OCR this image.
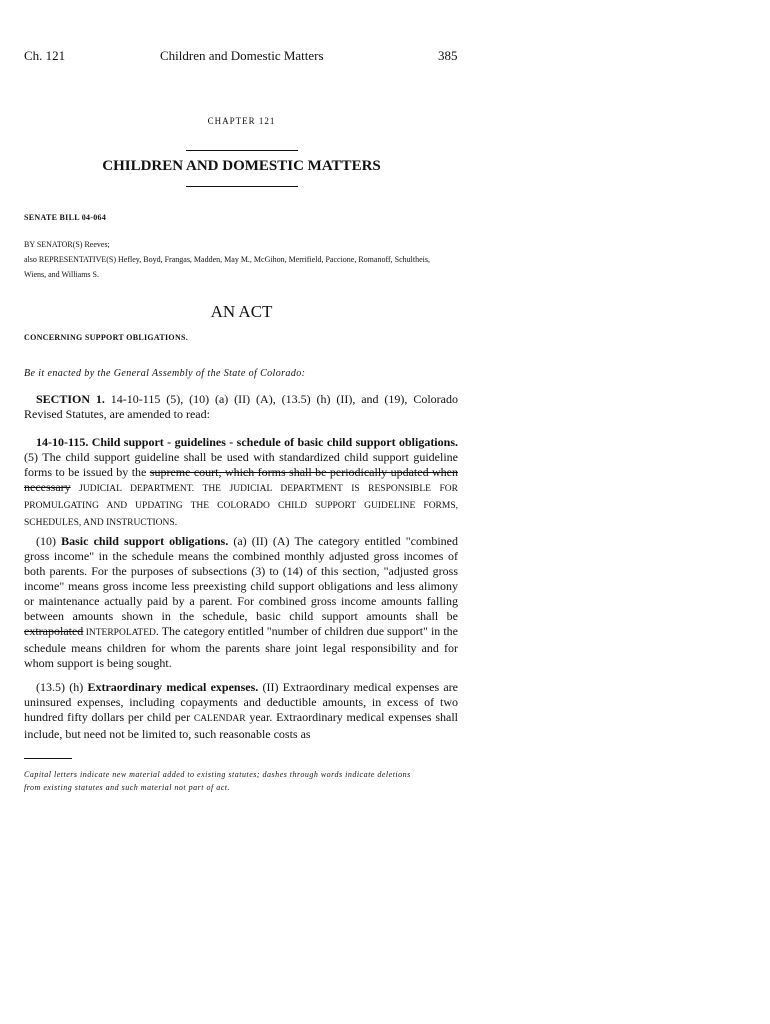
Ch. 121	Children and Domestic Matters	385
CHAPTER 121
CHILDREN AND DOMESTIC MATTERS
SENATE BILL 04-064
BY SENATOR(S) Reeves;
also REPRESENTATIVE(S) Hefley, Boyd, Frangas, Madden, May M., McGihon, Merrifield, Paccione, Romanoff, Schultheis,
Wiens, and Williams S.
AN ACT
CONCERNING SUPPORT OBLIGATIONS.
Be it enacted by the General Assembly of the State of Colorado:

SECTION 1. 14-10-115 (5), (10) (a) (II) (A), (13.5) (h) (II), and (19), Colorado Revised Statutes, are amended to read:

14-10-115. Child support - guidelines - schedule of basic child support obligations. (5) The child support guideline shall be used with standardized child support guideline forms to be issued by the supreme court, which forms shall be periodically updated when necessary JUDICIAL DEPARTMENT. THE JUDICIAL DEPARTMENT IS RESPONSIBLE FOR PROMULGATING AND UPDATING THE COLORADO CHILD SUPPORT GUIDELINE FORMS, SCHEDULES, AND INSTRUCTIONS.

(10) Basic child support obligations. (a) (II) (A) The category entitled "combined gross income" in the schedule means the combined monthly adjusted gross incomes of both parents. For the purposes of subsections (3) to (14) of this section, "adjusted gross income" means gross income less preexisting child support obligations and less alimony or maintenance actually paid by a parent. For combined gross income amounts falling between amounts shown in the schedule, basic child support amounts shall be extrapolated INTERPOLATED. The category entitled "number of children due support" in the schedule means children for whom the parents share joint legal responsibility and for whom support is being sought.

(13.5) (h) Extraordinary medical expenses. (II) Extraordinary medical expenses are uninsured expenses, including copayments and deductible amounts, in excess of two hundred fifty dollars per child per CALENDAR year. Extraordinary medical expenses shall include, but need not be limited to, such reasonable costs as

Capital letters indicate new material added to existing statutes; dashes through words indicate deletions
from existing statutes and such material not part of act.
